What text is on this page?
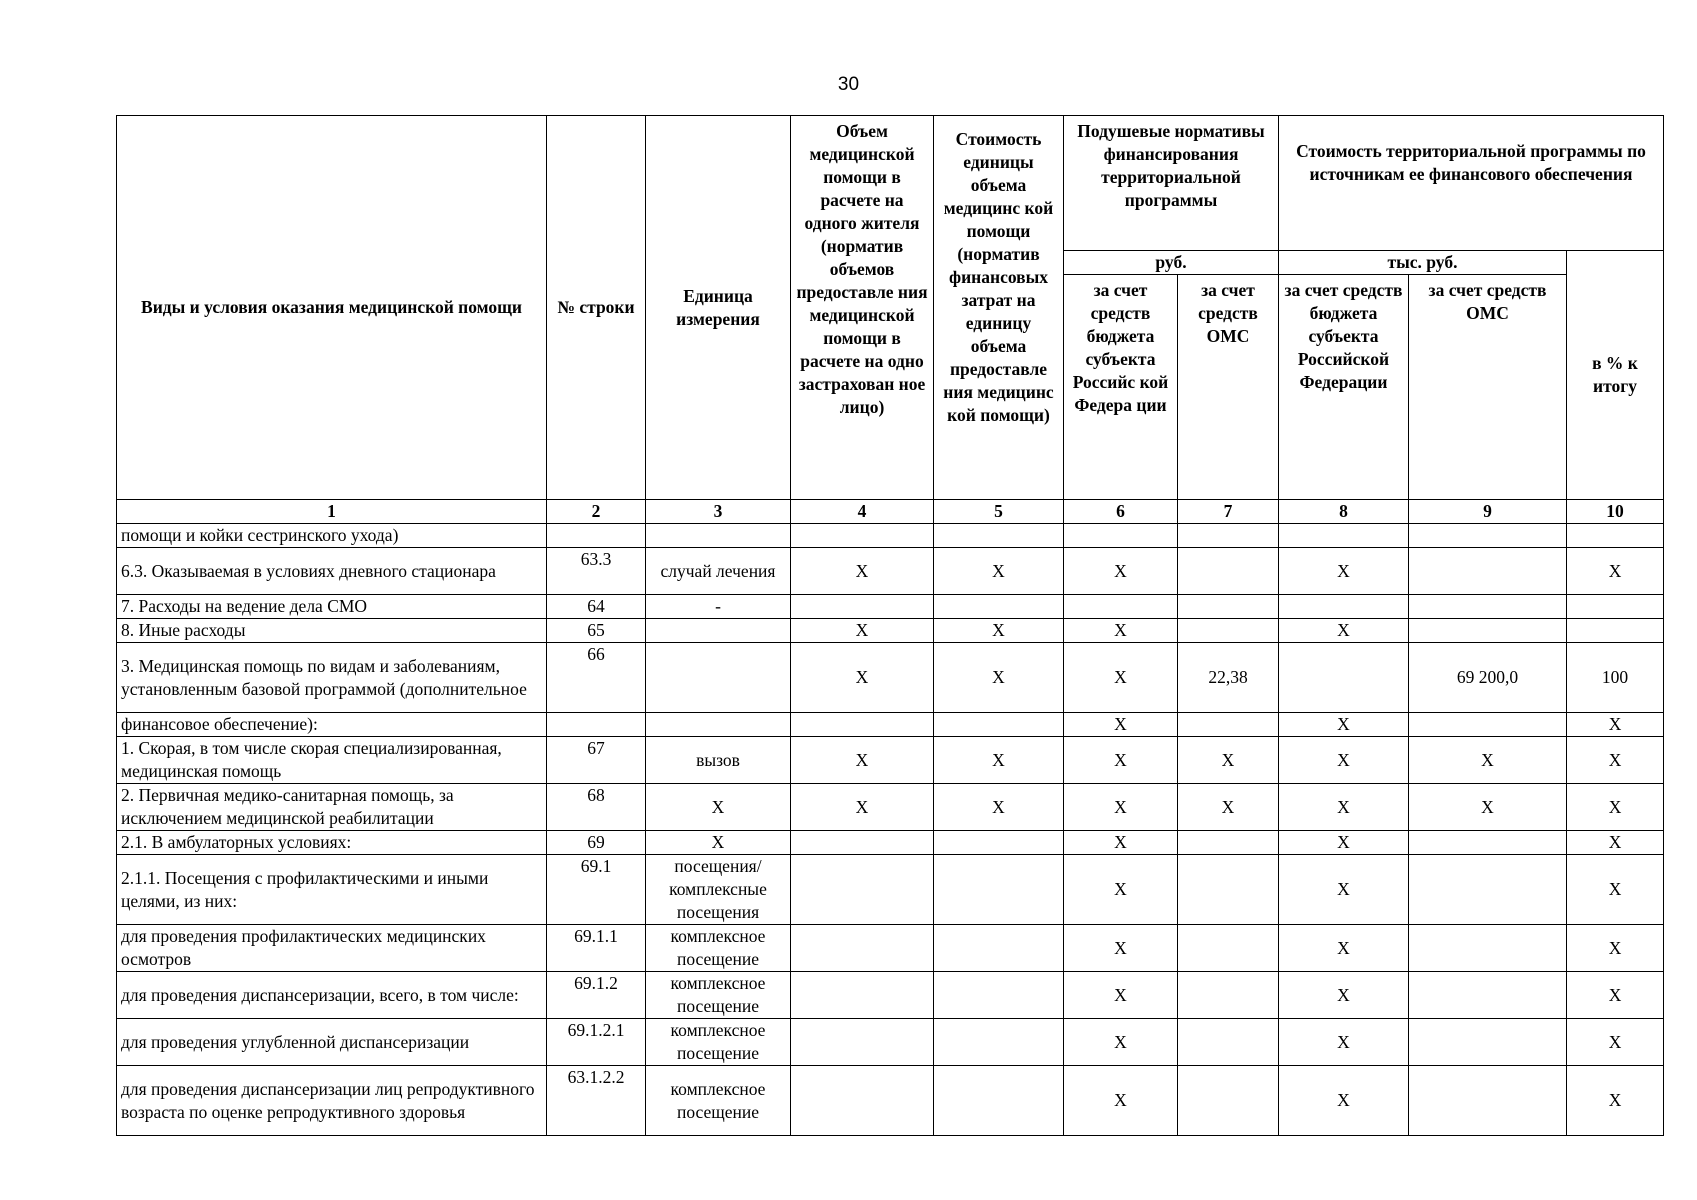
30
Виды и условия оказания медицинской помощи	№ строки	Единица измерения	Объем медицинской помощи в расчете на одного жителя (норматив объемов предоставле ния медицинской помощи в расчете на одно застрахован ное лицо)	Стоимость единицы объема медицинс кой помощи (норматив финансовых затрат на единицу объема предоставле ния медицинс кой помощи)	Подушевые нормативы финансирования территориальной программы		Стоимость территориальной программы по источникам ее финансового обеспечения		
					руб.		тыс. руб.		в % к итогу
					за счет средств бюджета субъекта Российс кой Федера ции	за счет средств ОМС	за счет средств бюджета субъекта Российской Федерации	за счет средств ОМС	
1	2	3	4	5	6	7	8	9	10
помощи и койки сестринского ухода)									
6.3. Оказываемая в условиях дневного стационара	63.3	случай лечения	X	X	X		X		X
7. Расходы на ведение дела СМО	64	-							
8. Иные расходы	65		X	X	X		X		
3. Медицинская помощь по видам и заболеваниям, установленным базовой программой (дополнительное	66		X	X	X	22,38		69 200,0	100
финансовое обеспечение):					X		X		X
1. Скорая, в том числе скорая специализированная, медицинская помощь	67	вызов	X	X	X	X	X	X	X
2. Первичная медико-санитарная помощь, за исключением медицинской реабилитации	68	X	X	X	X	X	X	X	X
2.1. В амбулаторных условиях:	69	X			X		X		X
2.1.1. Посещения с профилактическими и иными целями, из них:	69.1	посещения/ комплексные посещения			X		X		X
для проведения профилактических медицинских осмотров	69.1.1	комплексное посещение			X		X		X
для проведения диспансеризации, всего, в том числе:	69.1.2	комплексное посещение			X		X		X
для проведения углубленной диспансеризации	69.1.2.1	комплексное посещение			X		X		X
для проведения диспансеризации лиц репродуктивного возраста по оценке репродуктивного здоровья	63.1.2.2	комплексное посещение			X		X		X
